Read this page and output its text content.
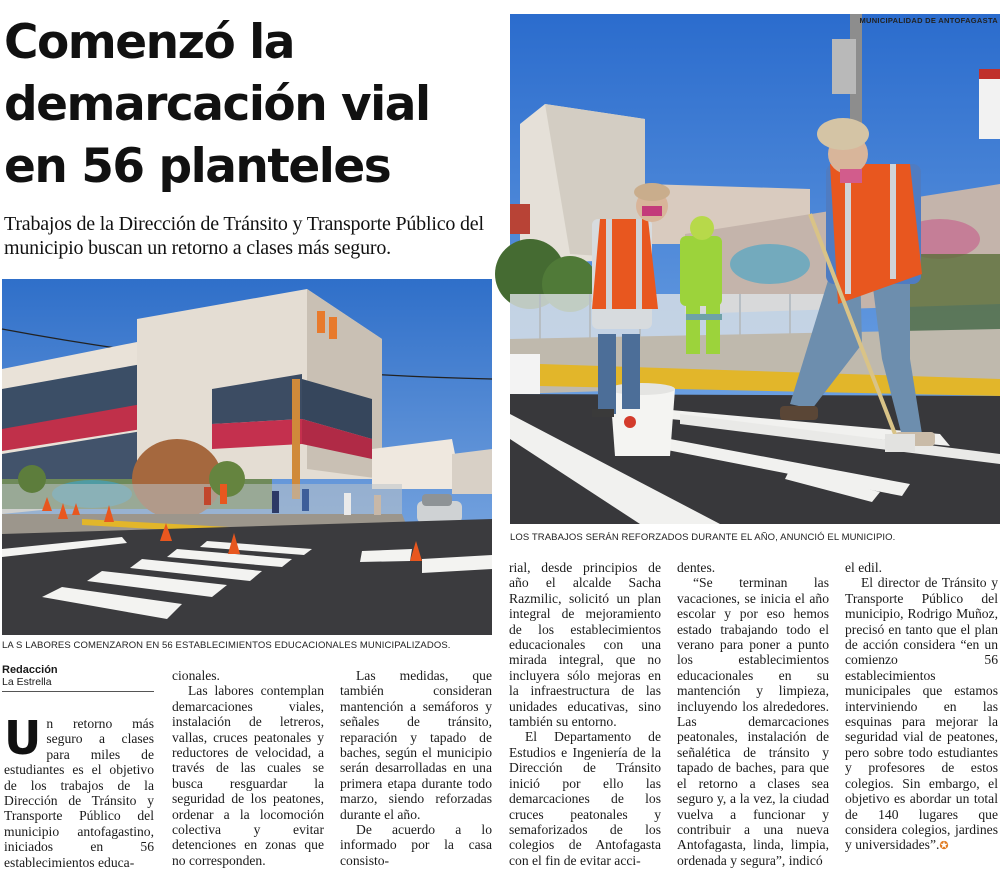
Comenzó la
demarcación vial
en 56 planteles

Trabajos de la Dirección de Tránsito y Transporte Público del municipio buscan un retorno a clases más seguro.

LA S LABORES COMENZARON EN 56 ESTABLECIMIENTOS EDUCACIONALES MUNICIPALIZADOS.
MUNICIPALIDAD DE ANTOFAGASTA
LOS TRABAJOS SERÁN REFORZADOS DURANTE EL AÑO, ANUNCIÓ EL MUNICIPIO.
Redacción
La Estrella

Un retorno más seguro a clases para miles de estudiantes es el objetivo de los trabajos de la Dirección de Tránsito y Transporte Público del municipio antofagastino, iniciados en 56 establecimientos educa-

cionales.

Las labores contemplan demarcaciones viales, instalación de letreros, vallas, cruces peatonales y reductores de velocidad, a través de las cuales se busca resguardar la seguridad de los peatones, ordenar a la locomoción colectiva y evitar detenciones en zonas que no corresponden.

Las medidas, que también consideran mantención a semáforos y señales de tránsito, reparación y tapado de baches, según el municipio serán desarrolladas en una primera etapa durante todo marzo, siendo reforzadas durante el año.

De acuerdo a lo informado por la casa consisto-

rial, desde principios de año el alcalde Sacha Razmilic, solicitó un plan integral de mejoramiento de los establecimientos educacionales con una mirada integral, que no incluyera sólo mejoras en la infraestructura de las unidades educativas, sino también su entorno.

El Departamento de Estudios e Ingeniería de la Dirección de Tránsito inició por ello las demarcaciones de los cruces peatonales y semaforizados de los colegios de Antofagasta con el fin de evitar acci-

dentes.

“Se terminan las vacaciones, se inicia el año escolar y por eso hemos estado trabajando todo el verano para poner a punto los establecimientos educacionales en su mantención y limpieza, incluyendo los alrededores. Las demarcaciones peatonales, instalación de señalética de tránsito y tapado de baches, para que el retorno a clases sea seguro y, a la vez, la ciudad vuelva a funcionar y contribuir a una nueva Antofagasta, linda, limpia, ordenada y segura”, indicó

el edil.

El director de Tránsito y Transporte Público del municipio, Rodrigo Muñoz, precisó en tanto que el plan de acción considera “en un comienzo 56 establecimientos municipales que estamos interviniendo en las esquinas para mejorar la seguridad vial de peatones, pero sobre todo estudiantes y profesores de estos colegios. Sin embargo, el objetivo es abordar un total de 140 lugares que considera colegios, jardines y universidades”.✪
